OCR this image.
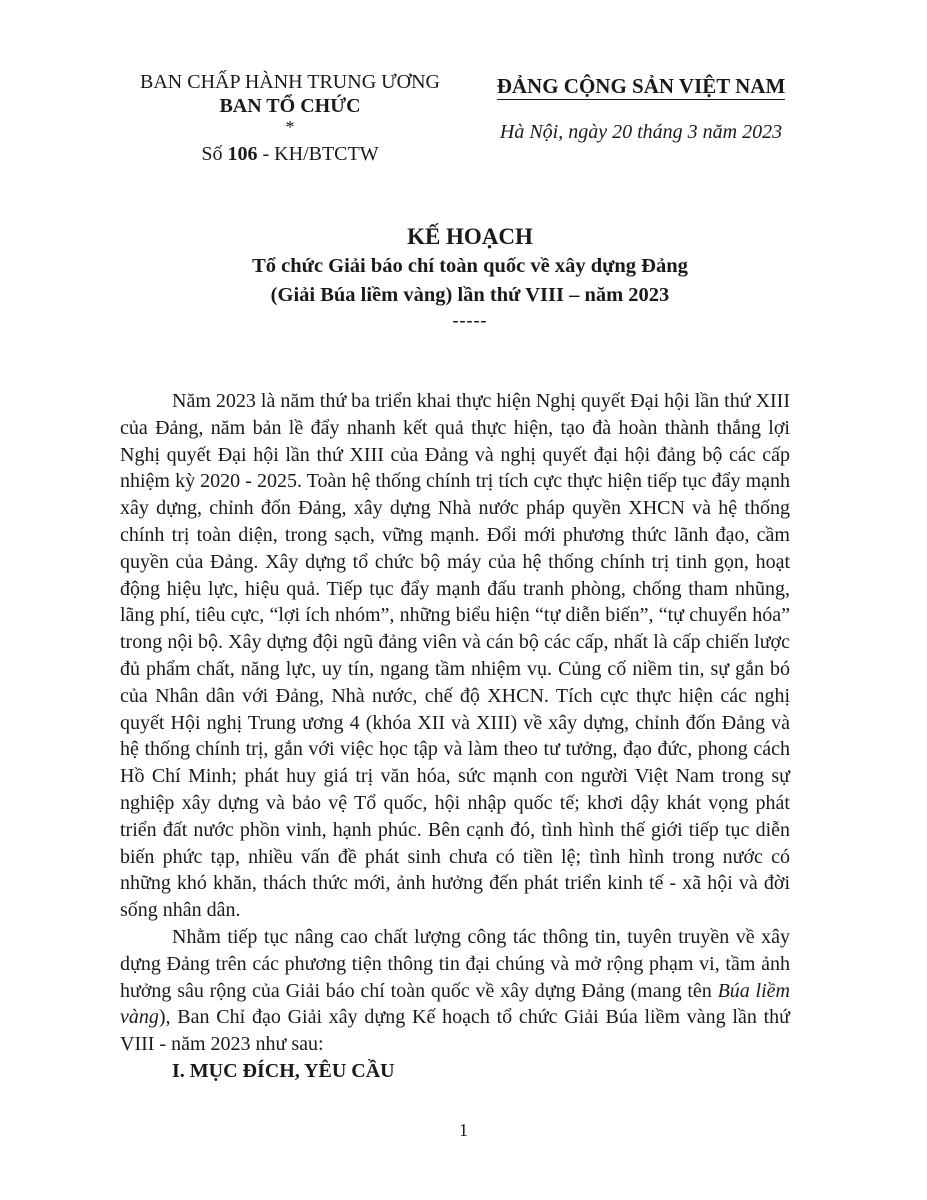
BAN CHẤP HÀNH TRUNG ƯƠNG
BAN TỔ CHỨC
*
Số 106 - KH/BTCTW
ĐẢNG CỘNG SẢN VIỆT NAM
Hà Nội, ngày 20 tháng 3 năm 2023
KẾ HOẠCH
Tổ chức Giải báo chí toàn quốc về xây dựng Đảng
(Giải Búa liềm vàng) lần thứ VIII – năm 2023
-----

Năm 2023 là năm thứ ba triển khai thực hiện Nghị quyết Đại hội lần thứ XIII của Đảng, năm bản lề đẩy nhanh kết quả thực hiện, tạo đà hoàn thành thắng lợi Nghị quyết Đại hội lần thứ XIII của Đảng và nghị quyết đại hội đảng bộ các cấp nhiệm kỳ 2020 - 2025. Toàn hệ thống chính trị tích cực thực hiện tiếp tục đẩy mạnh xây dựng, chỉnh đốn Đảng, xây dựng Nhà nước pháp quyền XHCN và hệ thống chính trị toàn diện, trong sạch, vững mạnh. Đổi mới phương thức lãnh đạo, cầm quyền của Đảng. Xây dựng tổ chức bộ máy của hệ thống chính trị tinh gọn, hoạt động hiệu lực, hiệu quả. Tiếp tục đẩy mạnh đấu tranh phòng, chống tham nhũng, lãng phí, tiêu cực, “lợi ích nhóm”, những biểu hiện “tự diễn biến”, “tự chuyển hóa” trong nội bộ. Xây dựng đội ngũ đảng viên và cán bộ các cấp, nhất là cấp chiến lược đủ phẩm chất, năng lực, uy tín, ngang tầm nhiệm vụ. Củng cố niềm tin, sự gắn bó của Nhân dân với Đảng, Nhà nước, chế độ XHCN. Tích cực thực hiện các nghị quyết Hội nghị Trung ương 4 (khóa XII và XIII) về xây dựng, chỉnh đốn Đảng và hệ thống chính trị, gắn với việc học tập và làm theo tư tưởng, đạo đức, phong cách Hồ Chí Minh; phát huy giá trị văn hóa, sức mạnh con người Việt Nam trong sự nghiệp xây dựng và bảo vệ Tổ quốc, hội nhập quốc tế; khơi dậy khát vọng phát triển đất nước phồn vinh, hạnh phúc. Bên cạnh đó, tình hình thế giới tiếp tục diễn biến phức tạp, nhiều vấn đề phát sinh chưa có tiền lệ; tình hình trong nước có những khó khăn, thách thức mới, ảnh hưởng đến phát triển kinh tế - xã hội và đời sống nhân dân.

Nhằm tiếp tục nâng cao chất lượng công tác thông tin, tuyên truyền về xây dựng Đảng trên các phương tiện thông tin đại chúng và mở rộng phạm vi, tầm ảnh hưởng sâu rộng của Giải báo chí toàn quốc về xây dựng Đảng (mang tên Búa liềm vàng), Ban Chỉ đạo Giải xây dựng Kế hoạch tổ chức Giải Búa liềm vàng lần thứ VIII - năm 2023 như sau:

I. MỤC ĐÍCH, YÊU CẦU

1
